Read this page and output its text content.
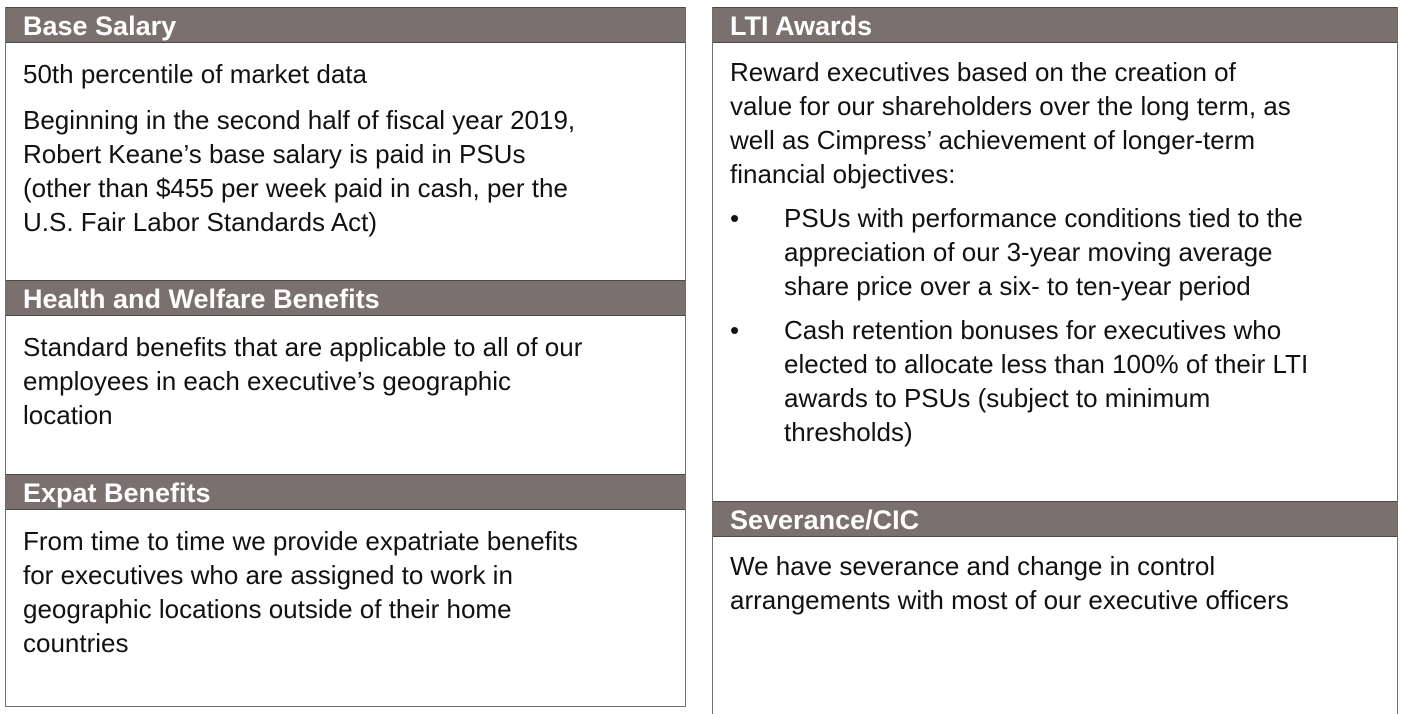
Base Salary
50th percentile of market data
Beginning in the second half of fiscal year 2019,
Robert Keane’s base salary is paid in PSUs
(other than $455 per week paid in cash, per the
U.S. Fair Labor Standards Act)
Health and Welfare Benefits
Standard benefits that are applicable to all of our
employees in each executive’s geographic
location
Expat Benefits
From time to time we provide expatriate benefits
for executives who are assigned to work in
geographic locations outside of their home
countries
LTI Awards
Reward executives based on the creation of
value for our shareholders over the long term, as
well as Cimpress’ achievement of longer-term
financial objectives:
• PSUs with performance conditions tied to the
appreciation of our 3-year moving average
share price over a six- to ten-year period
• Cash retention bonuses for executives who
elected to allocate less than 100% of their LTI
awards to PSUs (subject to minimum
thresholds)
Severance/CIC
We have severance and change in control
arrangements with most of our executive officers
